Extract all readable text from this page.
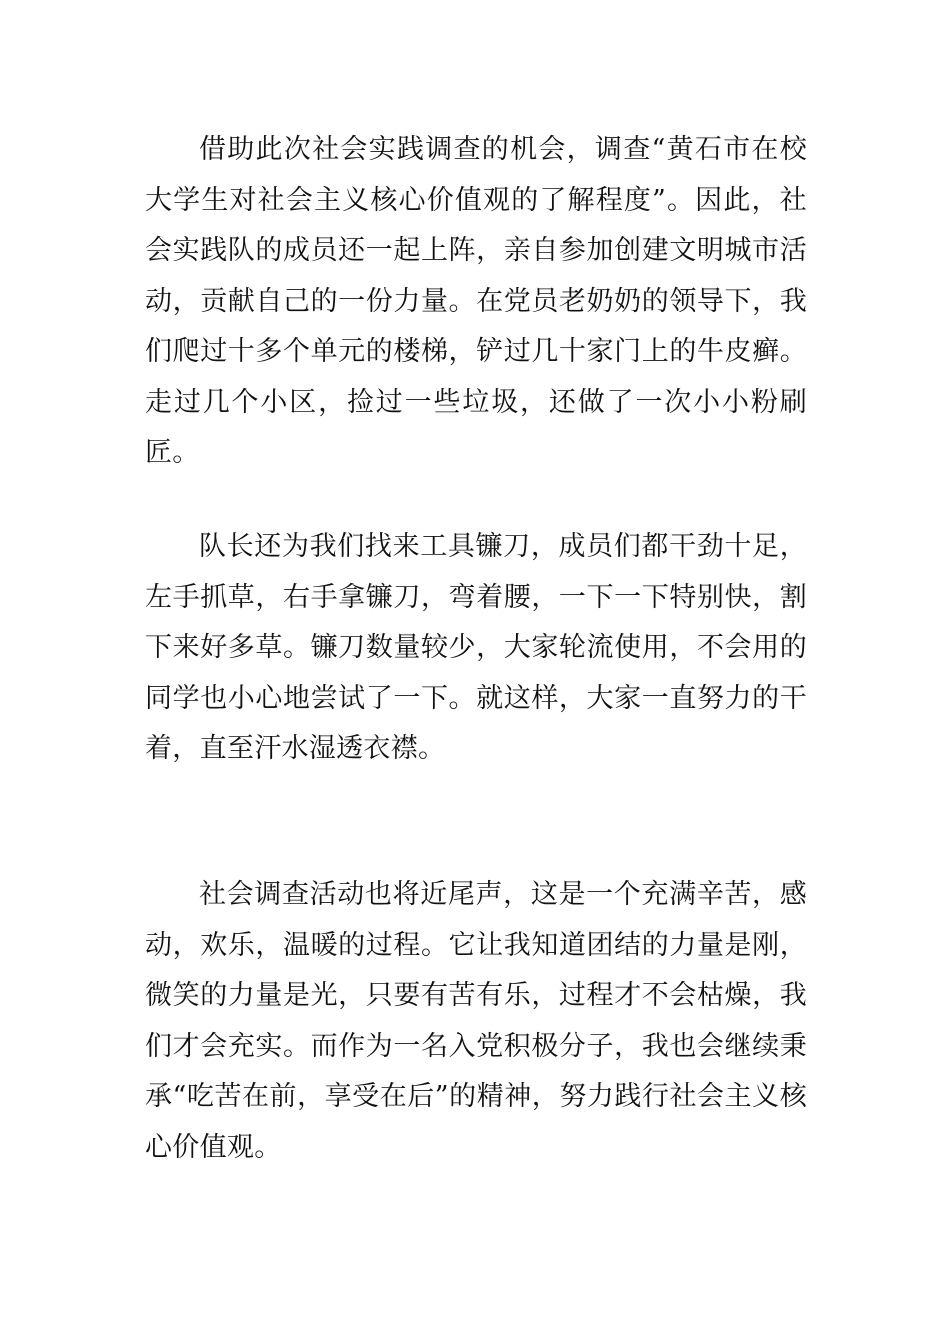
借助此次社会实践调查的机会，调查“黄石市在校大学生对社会主义核心价值观的了解程度”。因此，社会实践队的成员还一起上阵，亲自参加创建文明城市活动，贡献自己的一份力量。在党员老奶奶的领导下，我们爬过十多个单元的楼梯，铲过几十家门上的牛皮癣。走过几个小区，捡过一些垃圾，还做了一次小小粉刷匠。

队长还为我们找来工具镰刀，成员们都干劲十足，左手抓草，右手拿镰刀，弯着腰，一下一下特别快，割下来好多草。镰刀数量较少，大家轮流使用，不会用的同学也小心地尝试了一下。就这样，大家一直努力的干着，直至汗水湿透衣襟。

社会调查活动也将近尾声，这是一个充满辛苦，感动，欢乐，温暖的过程。它让我知道团结的力量是刚，微笑的力量是光，只要有苦有乐，过程才不会枯燥，我们才会充实。而作为一名入党积极分子，我也会继续秉承“吃苦在前，享受在后”的精神，努力践行社会主义核心价值观。
